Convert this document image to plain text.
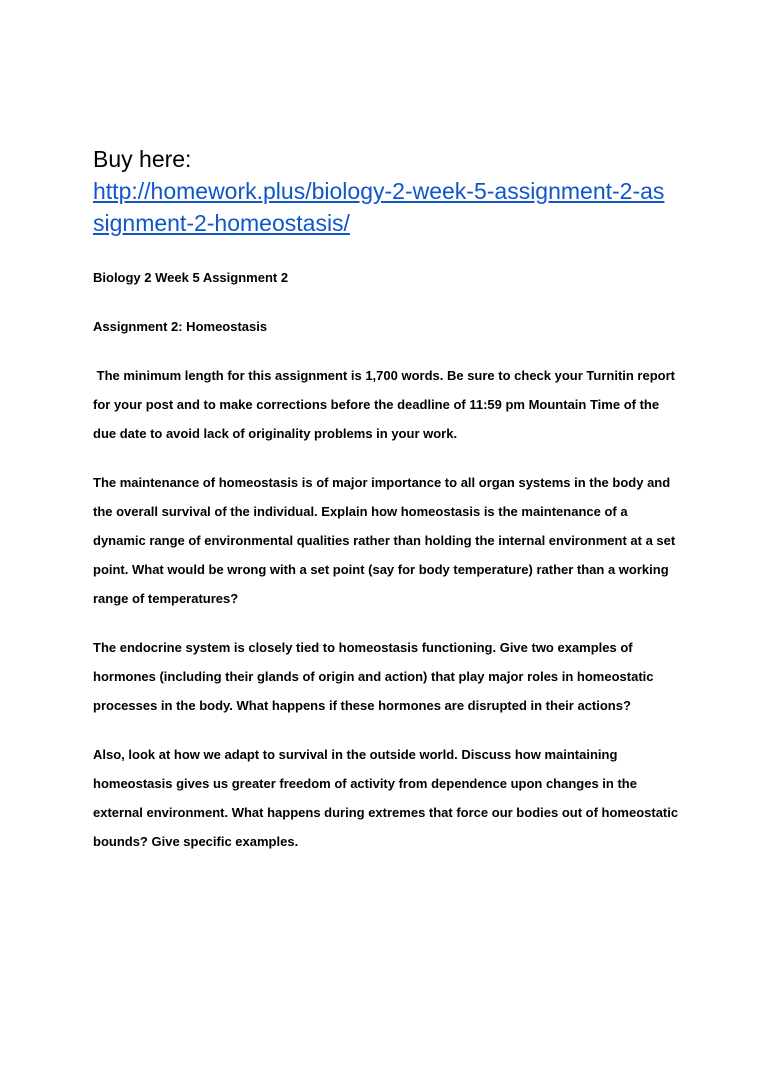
Buy here:

http://homework.plus/biology-2-week-5-assignment-2-assignment-2-homeostasis/

Biology 2 Week 5 Assignment 2

Assignment 2: Homeostasis

The minimum length for this assignment is 1,700 words. Be sure to check your Turnitin report for your post and to make corrections before the deadline of 11:59 pm Mountain Time of the due date to avoid lack of originality problems in your work.

The maintenance of homeostasis is of major importance to all organ systems in the body and the overall survival of the individual. Explain how homeostasis is the maintenance of a dynamic range of environmental qualities rather than holding the internal environment at a set point. What would be wrong with a set point (say for body temperature) rather than a working range of temperatures?

The endocrine system is closely tied to homeostasis functioning. Give two examples of hormones (including their glands of origin and action) that play major roles in homeostatic processes in the body. What happens if these hormones are disrupted in their actions?

Also, look at how we adapt to survival in the outside world. Discuss how maintaining homeostasis gives us greater freedom of activity from dependence upon changes in the external environment. What happens during extremes that force our bodies out of homeostatic bounds? Give specific examples.
